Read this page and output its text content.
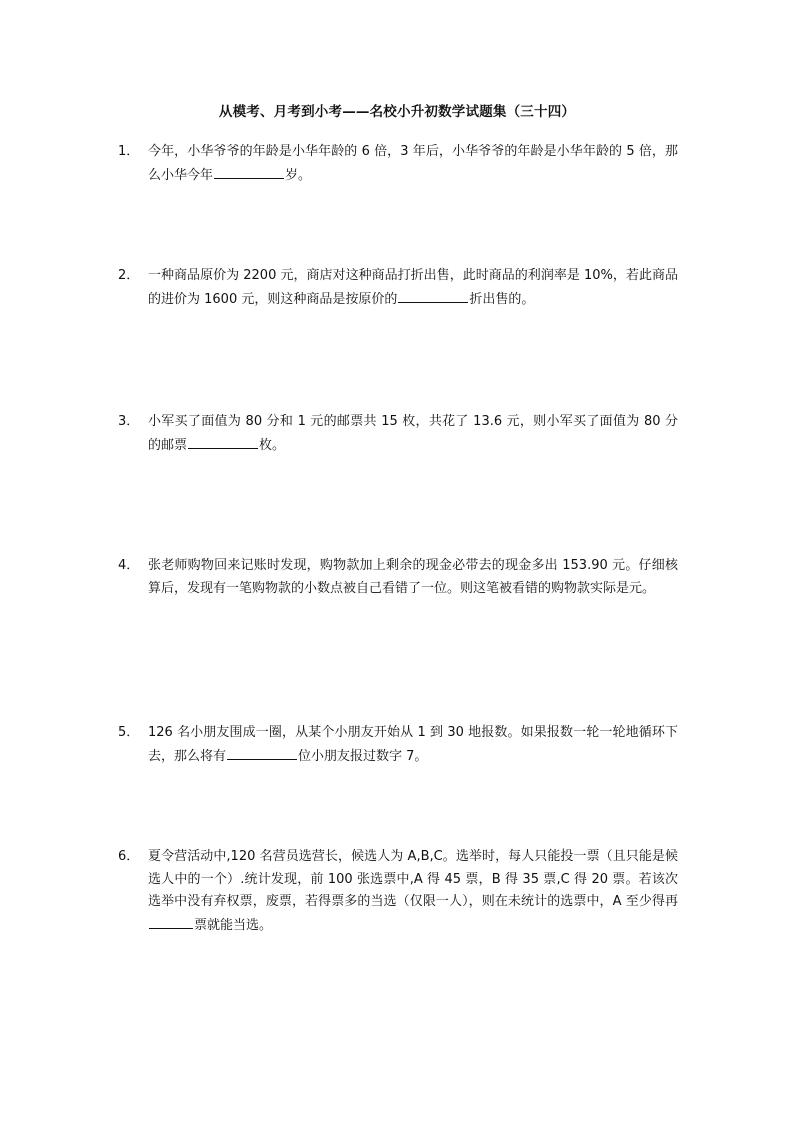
从模考、月考到小考——名校小升初数学试题集（三十四）
1． 今年，小华爷爷的年龄是小华年龄的 6 倍，3 年后，小华爷爷的年龄是小华年龄的 5 倍，那么小华今年	岁。
2． 一种商品原价为 2200 元，商店对这种商品打折出售，此时商品的利润率是 10%，若此商品的进价为 1600 元，则这种商品是按原价的	折出售的。
3． 小军买了面值为 80 分和 1 元的邮票共 15 枚，共花了 13.6 元，则小军买了面值为 80 分的邮票	枚。
4． 张老师购物回来记账时发现，购物款加上剩余的现金必带去的现金多出 153.90 元。仔细核算后，发现有一笔购物款的小数点被自己看错了一位。则这笔被看错的购物款实际是元。
5． 126 名小朋友围成一圈，从某个小朋友开始从 1 到 30 地报数。如果报数一轮一轮地循环下去，那么将有	位小朋友报过数字 7。
6． 夏令营活动中,120 名营员选营长，候选人为 A,B,C。选举时，每人只能投一票（且只能是候选人中的一个）.统计发现，前 100 张选票中,A 得 45 票，B 得 35 票,C 得 20 票。若该次选举中没有弃权票，废票，若得票多的当选（仅限一人），则在未统计的选票中，A 至少得再票就能当选。
